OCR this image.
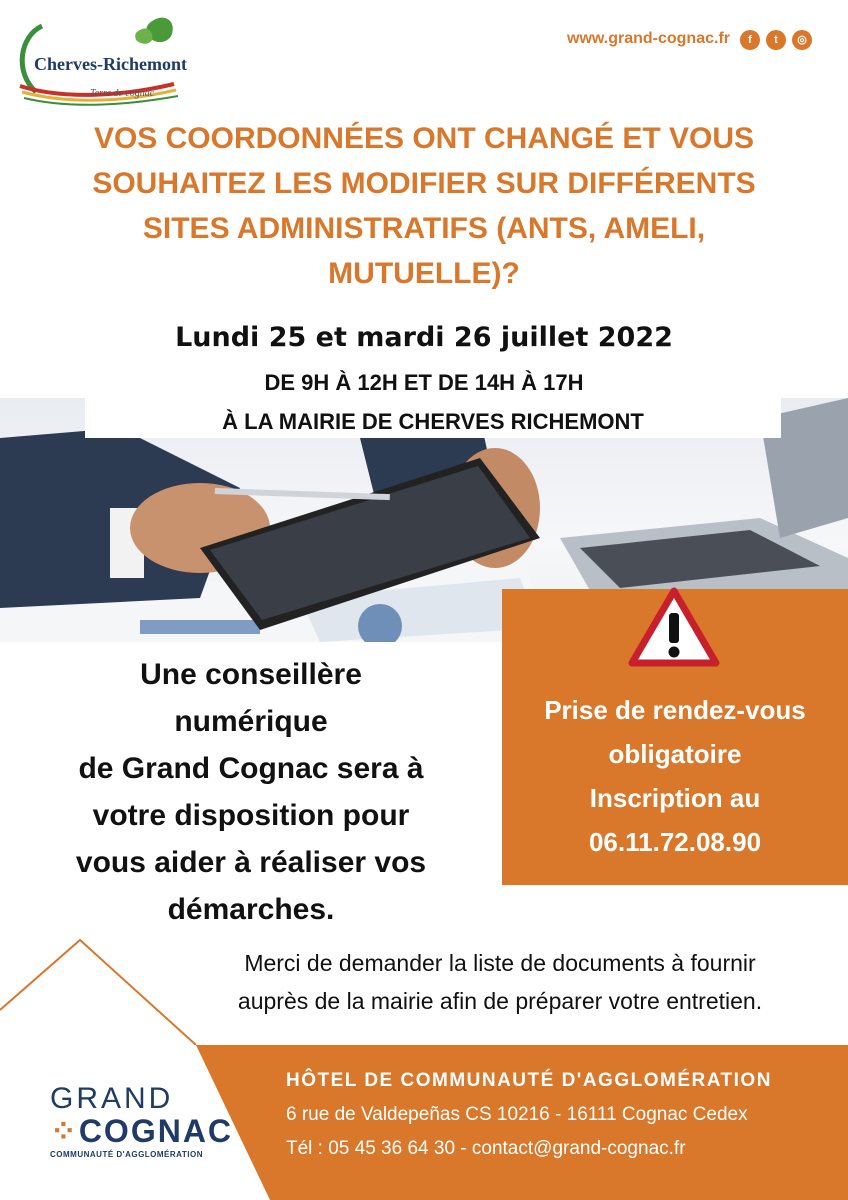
Cherves-Richemont
Terre de cognac
www.grand-cognac.fr	f	t	◎
VOS COORDONNÉES ONT CHANGÉ ET VOUS
SOUHAITEZ LES MODIFIER SUR DIFFÉRENTS
SITES ADMINISTRATIFS (ANTS, AMELI,
MUTUELLE)?
Lundi 25 et mardi 26 juillet 2022
DE 9H À 12H ET DE 14H À 17H
À LA MAIRIE DE CHERVES RICHEMONT
Prise de rendez-vous
obligatoire
Inscription au
06.11.72.08.90
Une conseillère
numérique
de Grand Cognac sera à
votre disposition pour
vous aider à réaliser vos
démarches.
Merci de demander la liste de documents à fournir
auprès de la mairie afin de préparer votre entretien.
GRAND
⁘COGNAC
COMMUNAUTÉ D'AGGLOMÉRATION
HÔTEL DE COMMUNAUTÉ D'AGGLOMÉRATION
6 rue de Valdepeñas CS 10216 - 16111 Cognac Cedex
Tél : 05 45 36 64 30 - contact@grand-cognac.fr
